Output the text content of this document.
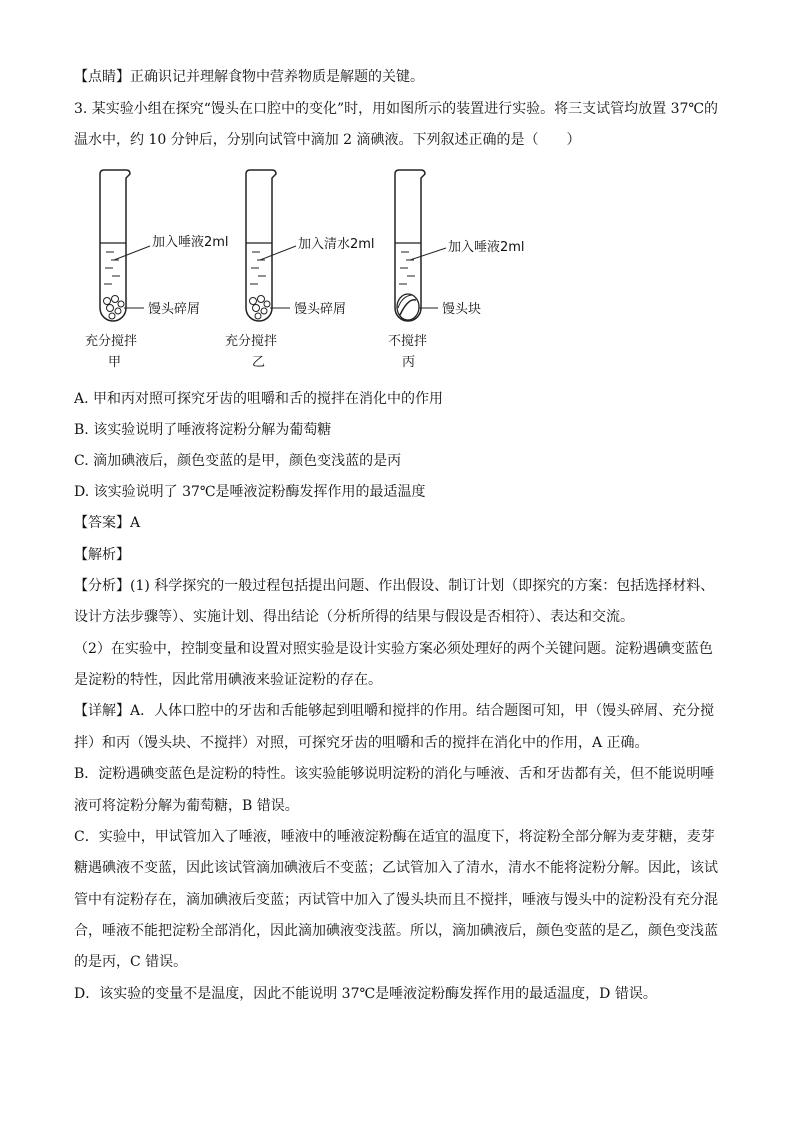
【点睛】正确识记并理解食物中营养物质是解题的关键。
3. 某实验小组在探究“馒头在口腔中的变化”时，用如图所示的装置进行实验。将三支试管均放置 37℃的
温水中，约 10 分钟后，分别向试管中滴加 2 滴碘液。下列叙述正确的是（　　）
加入唾液2ml
馒头碎屑
充分搅拌
甲
加入清水2ml
馒头碎屑
充分搅拌
乙
加入唾液2ml
馒头块
不搅拌
丙
A. 甲和丙对照可探究牙齿的咀嚼和舌的搅拌在消化中的作用
B. 该实验说明了唾液将淀粉分解为葡萄糖
C. 滴加碘液后，颜色变蓝的是甲，颜色变浅蓝的是丙
D. 该实验说明了 37℃是唾液淀粉酶发挥作用的最适温度
【答案】A
【解析】
【分析】(1) 科学探究的一般过程包括提出问题、作出假设、制订计划（即探究的方案：包括选择材料、
设计方法步骤等）、实施计划、得出结论（分析所得的结果与假设是否相符）、表达和交流。
（2）在实验中，控制变量和设置对照实验是设计实验方案必须处理好的两个关键问题。淀粉遇碘变蓝色
是淀粉的特性，因此常用碘液来验证淀粉的存在。
【详解】A．人体口腔中的牙齿和舌能够起到咀嚼和搅拌的作用。结合题图可知，甲（馒头碎屑、充分搅
拌）和丙（馒头块、不搅拌）对照，可探究牙齿的咀嚼和舌的搅拌在消化中的作用，A 正确。
B．淀粉遇碘变蓝色是淀粉的特性。该实验能够说明淀粉的消化与唾液、舌和牙齿都有关，但不能说明唾
液可将淀粉分解为葡萄糖，B 错误。
C．实验中，甲试管加入了唾液，唾液中的唾液淀粉酶在适宜的温度下，将淀粉全部分解为麦芽糖，麦芽
糖遇碘液不变蓝，因此该试管滴加碘液后不变蓝；乙试管加入了清水，清水不能将淀粉分解。因此，该试
管中有淀粉存在，滴加碘液后变蓝；丙试管中加入了馒头块而且不搅拌，唾液与馒头中的淀粉没有充分混
合，唾液不能把淀粉全部消化，因此滴加碘液变浅蓝。所以，滴加碘液后，颜色变蓝的是乙，颜色变浅蓝
的是丙，C 错误。
D．该实验的变量不是温度，因此不能说明 37℃是唾液淀粉酶发挥作用的最适温度，D 错误。
